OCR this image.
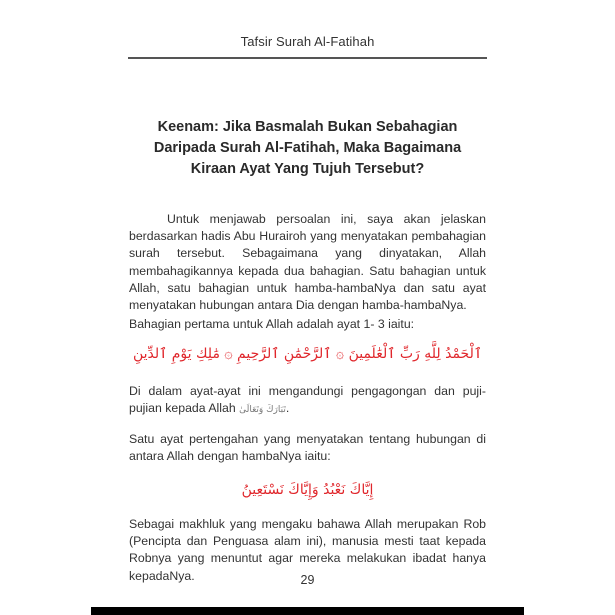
Tafsir Surah Al-Fatihah
Keenam: Jika Basmalah Bukan Sebahagian
Daripada Surah Al-Fatihah, Maka Bagaimana
Kiraan Ayat Yang Tujuh Tersebut?

Untuk menjawab persoalan ini, saya akan jelaskan berdasarkan hadis Abu Hurairoh yang menyatakan pembahagian surah tersebut. Sebagaimana yang dinyatakan, Allah membahagikannya kepada dua bahagian. Satu bahagian untuk Allah, satu bahagian untuk hamba-hambaNya dan satu ayat menyatakan hubungan antara Dia dengan hamba-hambaNya.

Bahagian pertama untuk Allah adalah ayat 1- 3 iaitu:

ٱلْحَمْدُ لِلَّهِ رَبِّ ٱلْعَٰلَمِينَ ۞ ٱلرَّحْمَٰنِ ٱلرَّحِيمِ ۞ مَٰلِكِ يَوْمِ ٱلدِّينِ

Di dalam ayat-ayat ini mengandungi pengagongan dan puji-pujian kepada Allah تَبَارَكَ وَتَعَالَىٰ.

Satu ayat pertengahan yang menyatakan tentang hubungan di antara Allah dengan hambaNya iaitu:

إِيَّاكَ نَعْبُدُ وَإِيَّاكَ نَسْتَعِينُ

Sebagai makhluk yang mengaku bahawa Allah merupakan Rob (Pencipta dan Penguasa alam ini), manusia mesti taat kepada Robnya yang menuntut agar mereka melakukan ibadat hanya kepadaNya.	29
